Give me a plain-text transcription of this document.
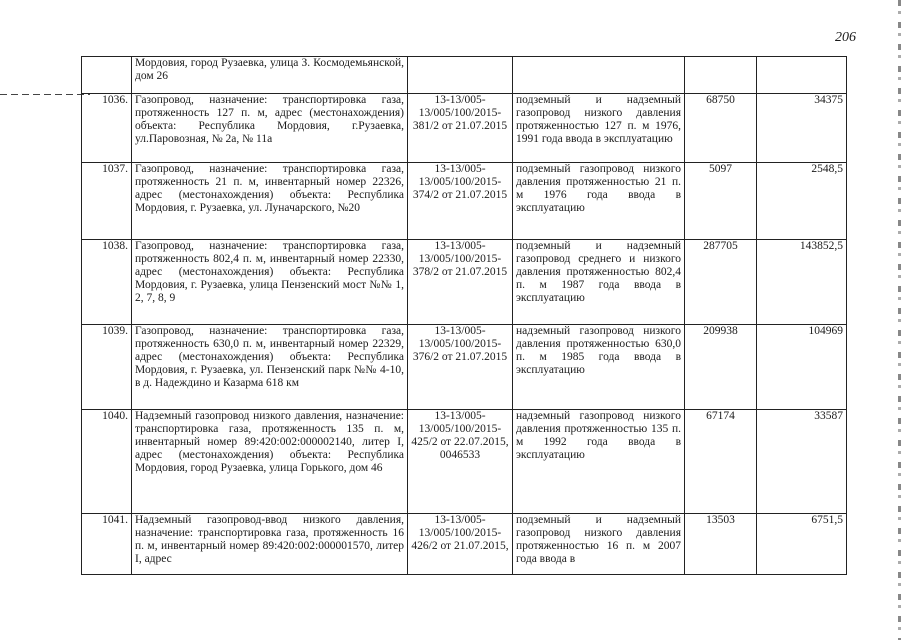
206
	Мордовия, город Рузаевка, улица З. Космодемьянской, дом 26				
1036.	Газопровод, назначение: транспортировка газа, протяженность 127 п. м, адрес (местонахождения) объекта: Республика Мордовия, г.Рузаевка, ул.Паровозная, № 2а, № 11а	13-13/005-13/005/100/2015-381/2 от 21.07.2015	подземный и надземный газопровод низкого давления протяженностью 127 п. м 1976, 1991 года ввода в эксплуатацию	68750	34375
1037.	Газопровод, назначение: транспортировка газа, протяженность 21 п. м, инвентарный номер 22326, адрес (местонахождения) объекта: Республика Мордовия, г. Рузаевка, ул. Луначарского, №20	13-13/005-13/005/100/2015-374/2 от 21.07.2015	подземный газопровод низкого давления протяженностью 21 п. м 1976 года ввода в эксплуатацию	5097	2548,5
1038.	Газопровод, назначение: транспортировка газа, протяженность 802,4 п. м, инвентарный номер 22330, адрес (местонахождения) объекта: Республика Мордовия, г. Рузаевка, улица Пензенский мост №№ 1, 2, 7, 8, 9	13-13/005-13/005/100/2015-378/2 от 21.07.2015	подземный и надземный газопровод среднего и низкого давления протяженностью 802,4 п. м 1987 года ввода в эксплуатацию	287705	143852,5
1039.	Газопровод, назначение: транспортировка газа, протяженность 630,0 п. м, инвентарный номер 22329, адрес (местонахождения) объекта: Республика Мордовия, г. Рузаевка, ул. Пензенский парк №№ 4-10, в д. Надеждино и Казарма 618 км	13-13/005-13/005/100/2015-376/2 от 21.07.2015	надземный газопровод низкого давления протяженностью 630,0 п. м 1985 года ввода в эксплуатацию	209938	104969
1040.	Надземный газопровод низкого давления, назначение: транспортировка газа, протяженность 135 п. м, инвентарный номер 89:420:002:000002140, литер I, адрес (местонахождения) объекта: Республика Мордовия, город Рузаевка, улица Горького, дом 46	13-13/005-13/005/100/2015-425/2 от 22.07.2015, 0046533	надземный газопровод низкого давления протяженностью 135 п. м 1992 года ввода в эксплуатацию	67174	33587
1041.	Надземный газопровод-ввод низкого давления, назначение: транспортировка газа, протяженность 16 п. м, инвентарный номер 89:420:002:000001570, литер I, адрес	13-13/005-13/005/100/2015-426/2 от 21.07.2015,	подземный и надземный газопровод низкого давления протяженностью 16 п. м 2007 года ввода в	13503	6751,5
